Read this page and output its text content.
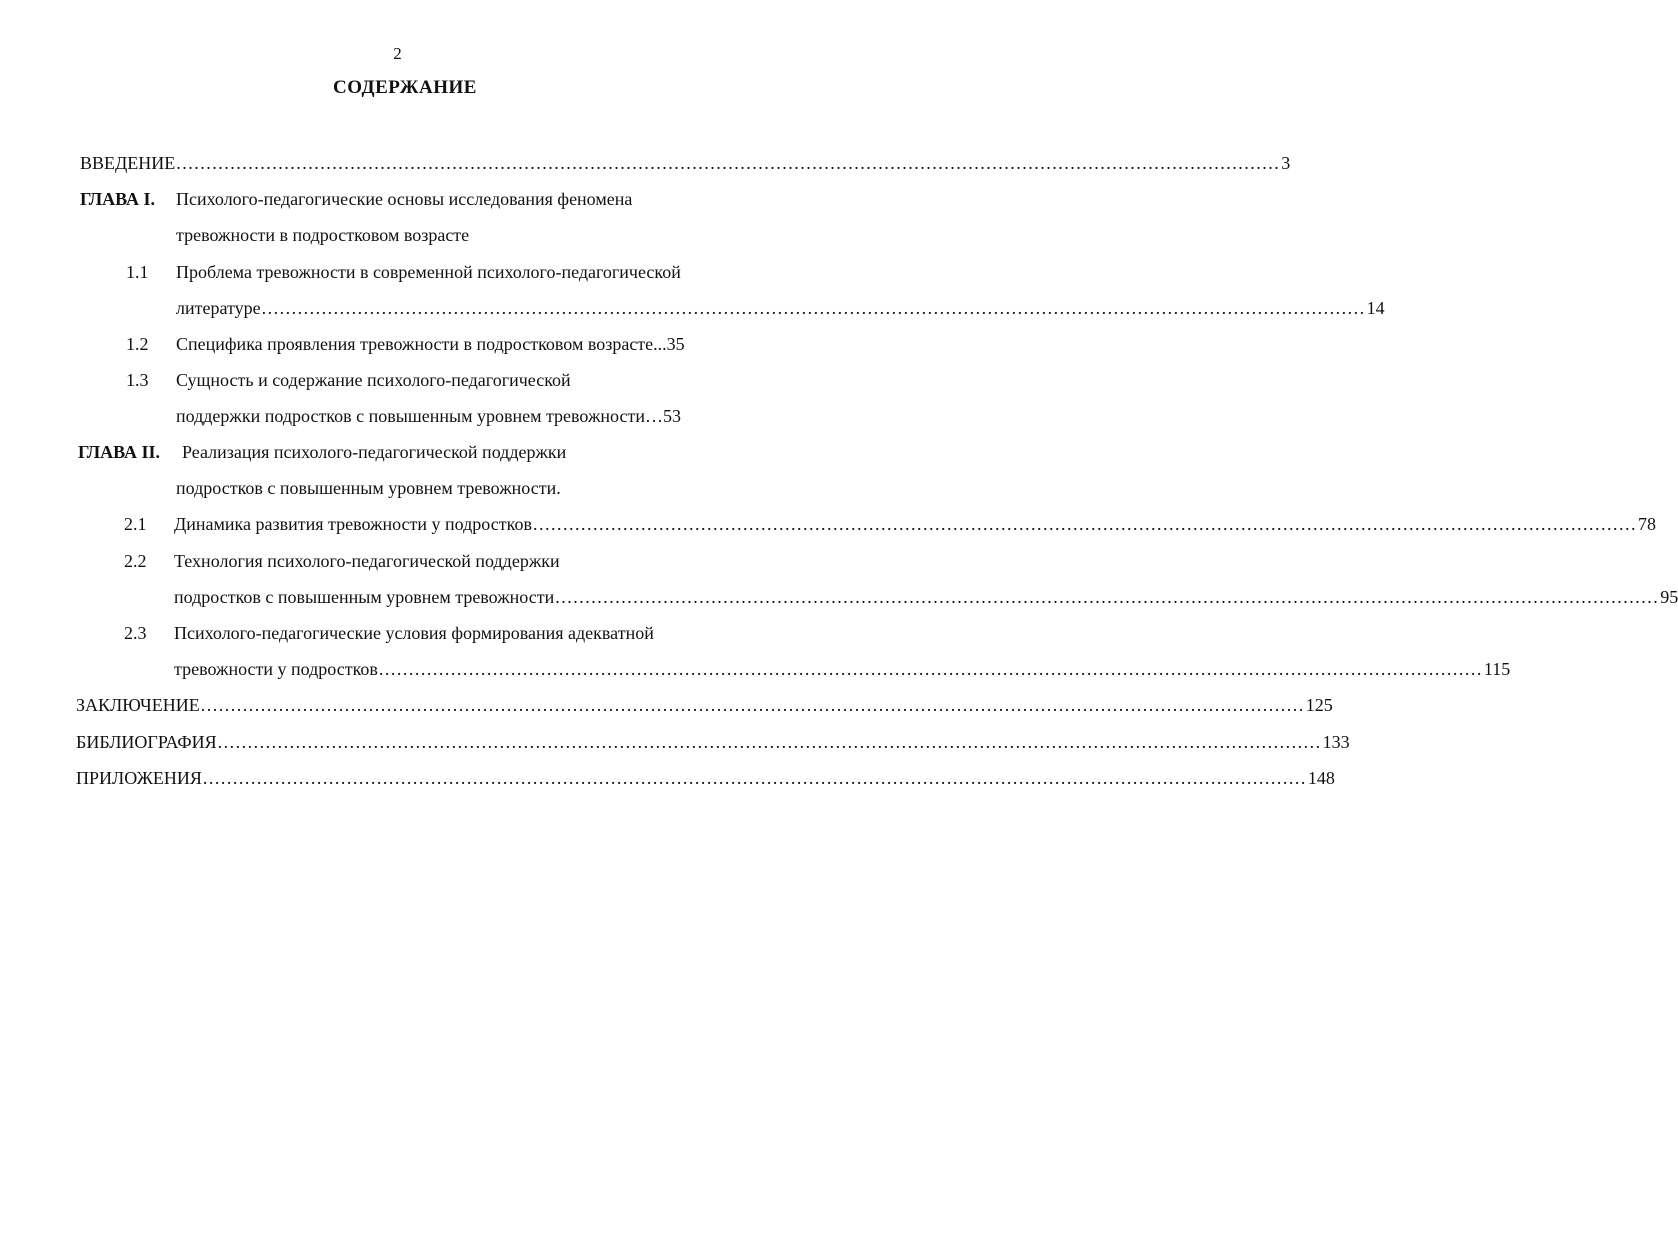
2
СОДЕРЖАНИЕ
ВВЕДЕНИЕ ........................................................................................................................................................................................ 3
ГЛАВА I. Психолого-педагогические основы исследования феномена
тревожности в подростковом возрасте
1.1 Проблема тревожности в современной психолого-педагогической
литературе ........................................................................................................................................................................................ 14
1.2 Специфика проявления тревожности в подростковом возрасте...35
1.3 Сущность и содержание психолого-педагогической
поддержки подростков с повышенным уровнем тревожности…53
ГЛАВА II. Реализация психолого-педагогической поддержки
подростков с повышенным уровнем тревожности.
2.1 Динамика развития тревожности у подростков ........................................................................................................................................................................................ 78
2.2 Технология психолого-педагогической поддержки
подростков с повышенным уровнем тревожности ........................................................................................................................................................................................ 95
2.3 Психолого-педагогические условия формирования адекватной
тревожности у подростков ........................................................................................................................................................................................ 115
ЗАКЛЮЧЕНИЕ ........................................................................................................................................................................................ 125
БИБЛИОГРАФИЯ ........................................................................................................................................................................................ 133
ПРИЛОЖЕНИЯ ........................................................................................................................................................................................ 148
